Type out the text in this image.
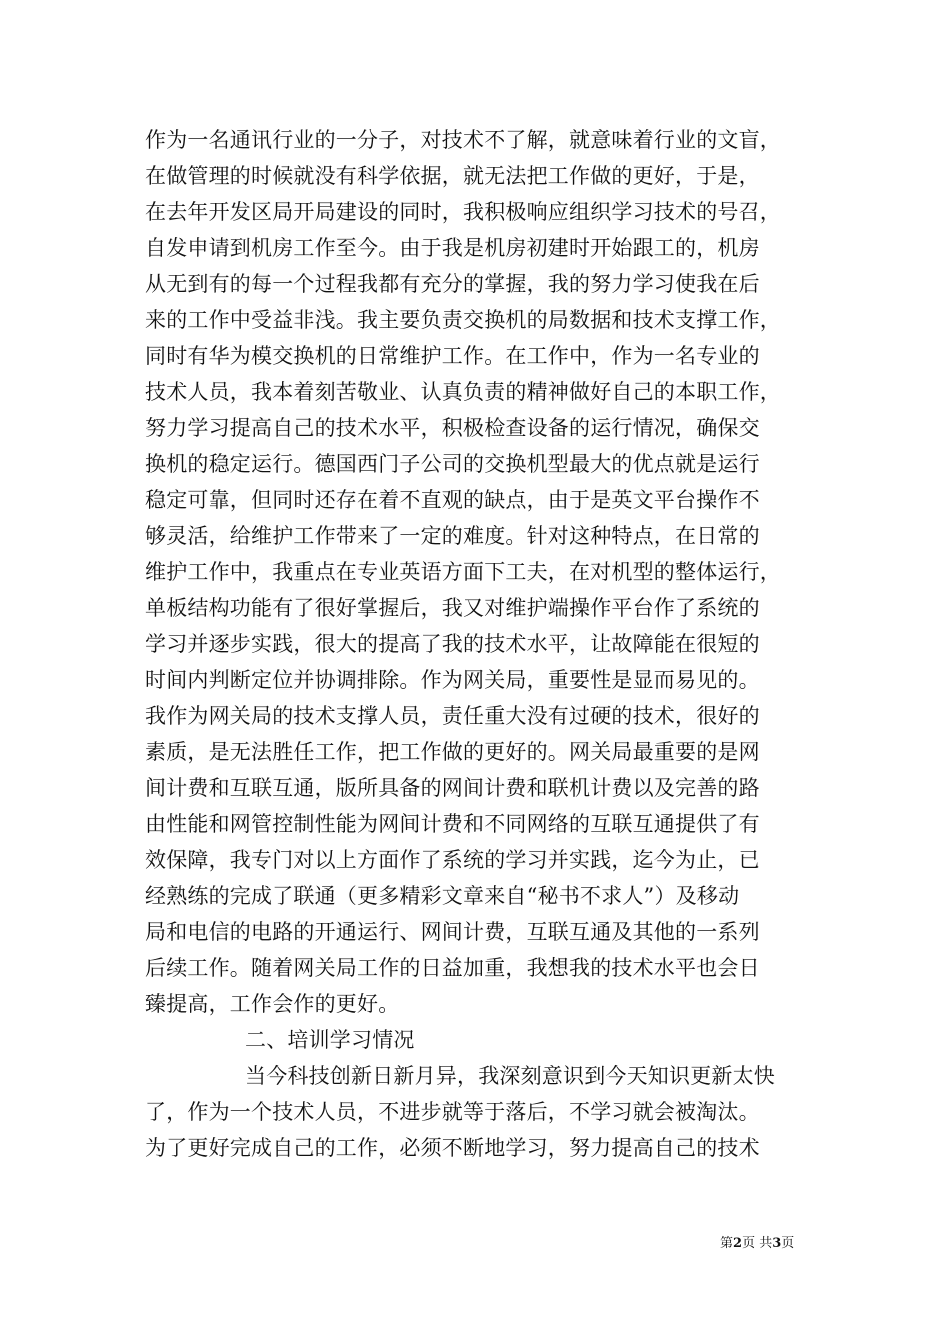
作为一名通讯行业的一分子，对技术不了解，就意味着行业的文盲，
在做管理的时候就没有科学依据，就无法把工作做的更好，于是，
在去年开发区局开局建设的同时，我积极响应组织学习技术的号召，
自发申请到机房工作至今。由于我是机房初建时开始跟工的，机房
从无到有的每一个过程我都有充分的掌握，我的努力学习使我在后
来的工作中受益非浅。我主要负责交换机的局数据和技术支撑工作，
同时有华为模交换机的日常维护工作。在工作中，作为一名专业的
技术人员，我本着刻苦敬业、认真负责的精神做好自己的本职工作，
努力学习提高自己的技术水平，积极检查设备的运行情况，确保交
换机的稳定运行。德国西门子公司的交换机型最大的优点就是运行
稳定可靠，但同时还存在着不直观的缺点，由于是英文平台操作不
够灵活，给维护工作带来了一定的难度。针对这种特点，在日常的
维护工作中，我重点在专业英语方面下工夫，在对机型的整体运行，
单板结构功能有了很好掌握后，我又对维护端操作平台作了系统的
学习并逐步实践，很大的提高了我的技术水平，让故障能在很短的
时间内判断定位并协调排除。作为网关局，重要性是显而易见的。
我作为网关局的技术支撑人员，责任重大没有过硬的技术，很好的
素质，是无法胜任工作，把工作做的更好的。网关局最重要的是网
间计费和互联互通，版所具备的网间计费和联机计费以及完善的路
由性能和网管控制性能为网间计费和不同网络的互联互通提供了有
效保障，我专门对以上方面作了系统的学习并实践，迄今为止，已
经熟练的完成了联通（更多精彩文章来自“秘书不求人”）及移动
局和电信的电路的开通运行、网间计费，互联互通及其他的一系列
后续工作。随着网关局工作的日益加重，我想我的技术水平也会日
臻提高，工作会作的更好。
二、培训学习情况
当今科技创新日新月异，我深刻意识到今天知识更新太快
了，作为一个技术人员，不进步就等于落后，不学习就会被淘汰。
为了更好完成自己的工作，必须不断地学习，努力提高自己的技术
第2页 共3页
